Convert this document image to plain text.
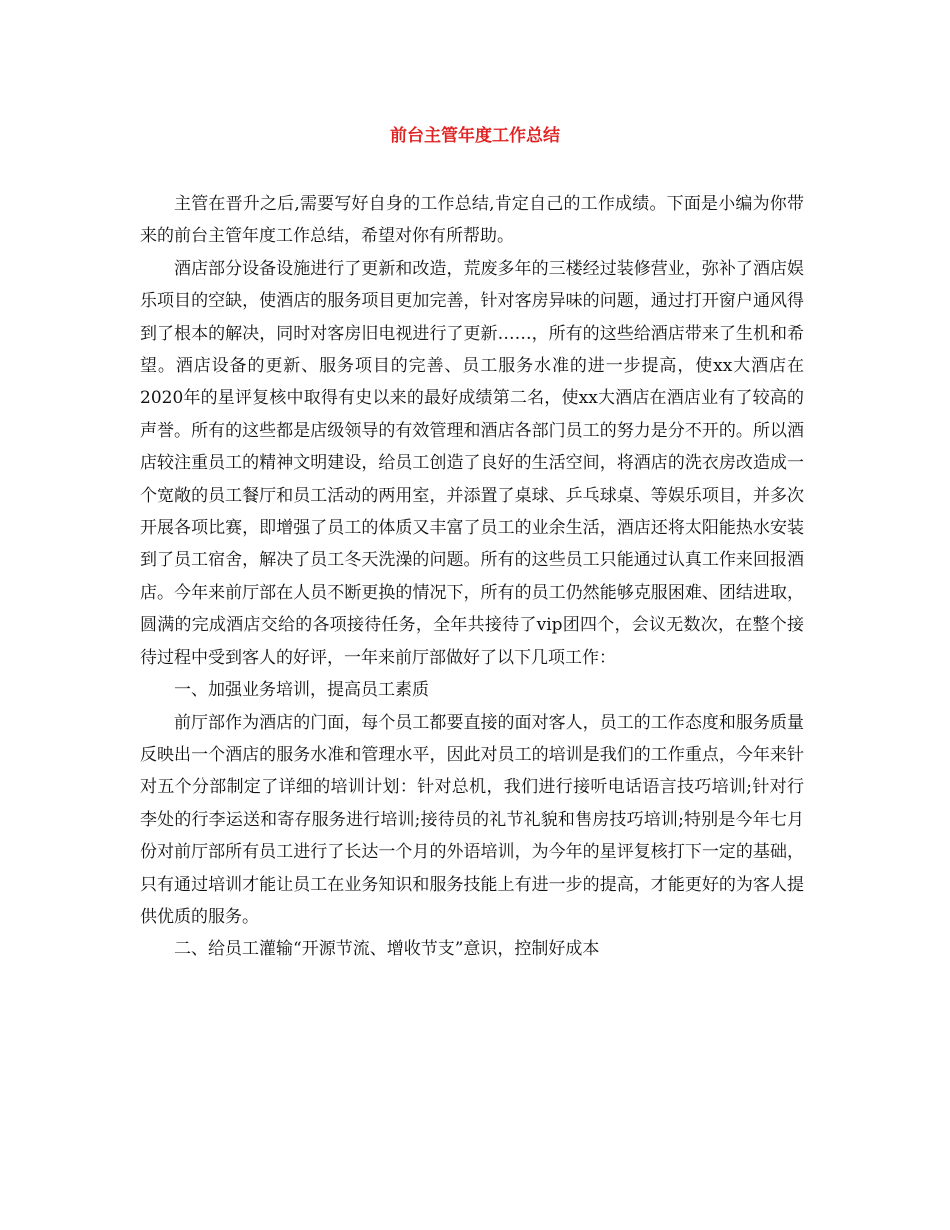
前台主管年度工作总结

主管在晋升之后,需要写好自身的工作总结,肯定自己的工作成绩。下面是小编为你带来的前台主管年度工作总结，希望对你有所帮助。

酒店部分设备设施进行了更新和改造，荒废多年的三楼经过装修营业，弥补了酒店娱乐项目的空缺，使酒店的服务项目更加完善，针对客房异味的问题，通过打开窗户通风得到了根本的解决，同时对客房旧电视进行了更新……，所有的这些给酒店带来了生机和希望。酒店设备的更新、服务项目的完善、员工服务水准的进一步提高，使xx大酒店在2020年的星评复核中取得有史以来的最好成绩第二名，使xx大酒店在酒店业有了较高的声誉。所有的这些都是店级领导的有效管理和酒店各部门员工的努力是分不开的。所以酒店较注重员工的精神文明建设，给员工创造了良好的生活空间，将酒店的洗衣房改造成一个宽敞的员工餐厅和员工活动的两用室，并添置了桌球、乒乓球桌、等娱乐项目，并多次开展各项比赛，即增强了员工的体质又丰富了员工的业余生活，酒店还将太阳能热水安装到了员工宿舍，解决了员工冬天洗澡的问题。所有的这些员工只能通过认真工作来回报酒店。今年来前厅部在人员不断更换的情况下，所有的员工仍然能够克服困难、团结进取，圆满的完成酒店交给的各项接待任务，全年共接待了vip团四个，会议无数次，在整个接待过程中受到客人的好评，一年来前厅部做好了以下几项工作：

一、加强业务培训，提高员工素质

前厅部作为酒店的门面，每个员工都要直接的面对客人，员工的工作态度和服务质量反映出一个酒店的服务水准和管理水平，因此对员工的培训是我们的工作重点，今年来针对五个分部制定了详细的培训计划：针对总机，我们进行接听电话语言技巧培训;针对行李处的行李运送和寄存服务进行培训;接待员的礼节礼貌和售房技巧培训;特别是今年七月份对前厅部所有员工进行了长达一个月的外语培训，为今年的星评复核打下一定的基础，只有通过培训才能让员工在业务知识和服务技能上有进一步的提高，才能更好的为客人提供优质的服务。

二、给员工灌输“开源节流、增收节支”意识，控制好成本
